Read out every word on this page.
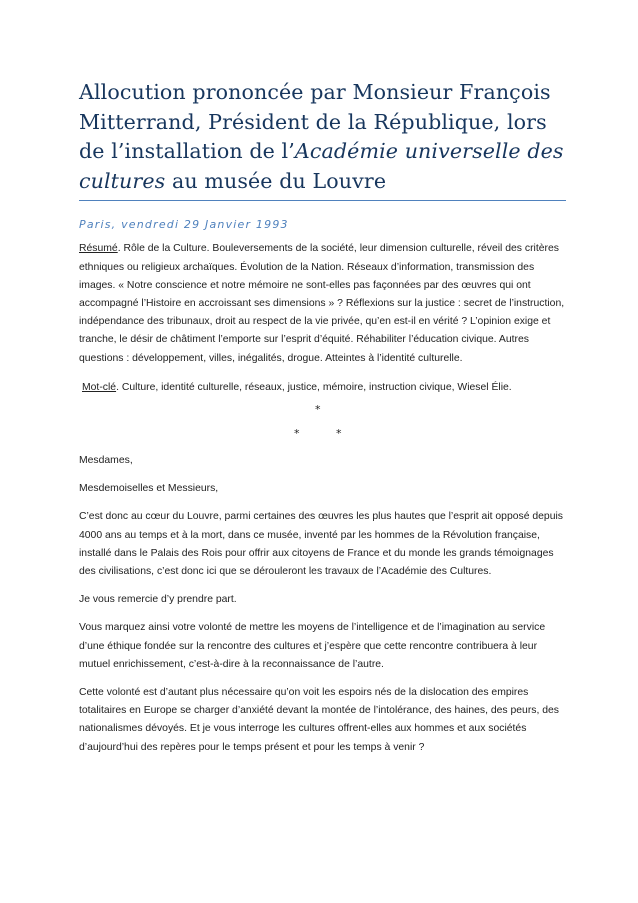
Allocution prononcée par Monsieur François Mitterrand, Président de la République, lors de l’installation de l’Académie universelle des cultures au musée du Louvre
Paris, vendredi 29 Janvier 1993

Résumé. Rôle de la Culture. Bouleversements de la société, leur dimension culturelle, réveil des critères ethniques ou religieux archaïques. Évolution de la Nation. Réseaux d’information, transmission des images. « Notre conscience et notre mémoire ne sont-elles pas façonnées par des œuvres qui ont accompagné l’Histoire en accroissant ses dimensions » ? Réflexions sur la justice : secret de l’instruction, indépendance des tribunaux, droit au respect de la vie privée, qu’en est-il en vérité ? L’opinion exige et tranche, le désir de châtiment l’emporte sur l’esprit d’équité. Réhabiliter l’éducation civique. Autres questions : développement, villes, inégalités, drogue. Atteintes à l’identité culturelle.

Mot-clé. Culture, identité culturelle, réseaux, justice, mémoire, instruction civique, Wiesel Élie.

*
*	*

Mesdames,

Mesdemoiselles et Messieurs,

C’est donc au cœur du Louvre, parmi certaines des œuvres les plus hautes que l’esprit ait opposé depuis 4000 ans au temps et à la mort, dans ce musée, inventé par les hommes de la Révolution française, installé dans le Palais des Rois pour offrir aux citoyens de France et du monde les grands témoignages des civilisations, c’est donc ici que se dérouleront les travaux de l’Académie des Cultures.

Je vous remercie d’y prendre part.

Vous marquez ainsi votre volonté de mettre les moyens de l’intelligence et de l’imagination au service d’une éthique fondée sur la rencontre des cultures et j’espère que cette rencontre contribuera à leur mutuel enrichissement, c’est-à-dire à la reconnaissance de l’autre.

Cette volonté est d’autant plus nécessaire qu’on voit les espoirs nés de la dislocation des empires totalitaires en Europe se charger d’anxiété devant la montée de l’intolérance, des haines, des peurs, des nationalismes dévoyés. Et je vous interroge les cultures offrent-elles aux hommes et aux sociétés d’aujourd’hui des repères pour le temps présent et pour les temps à venir ?
